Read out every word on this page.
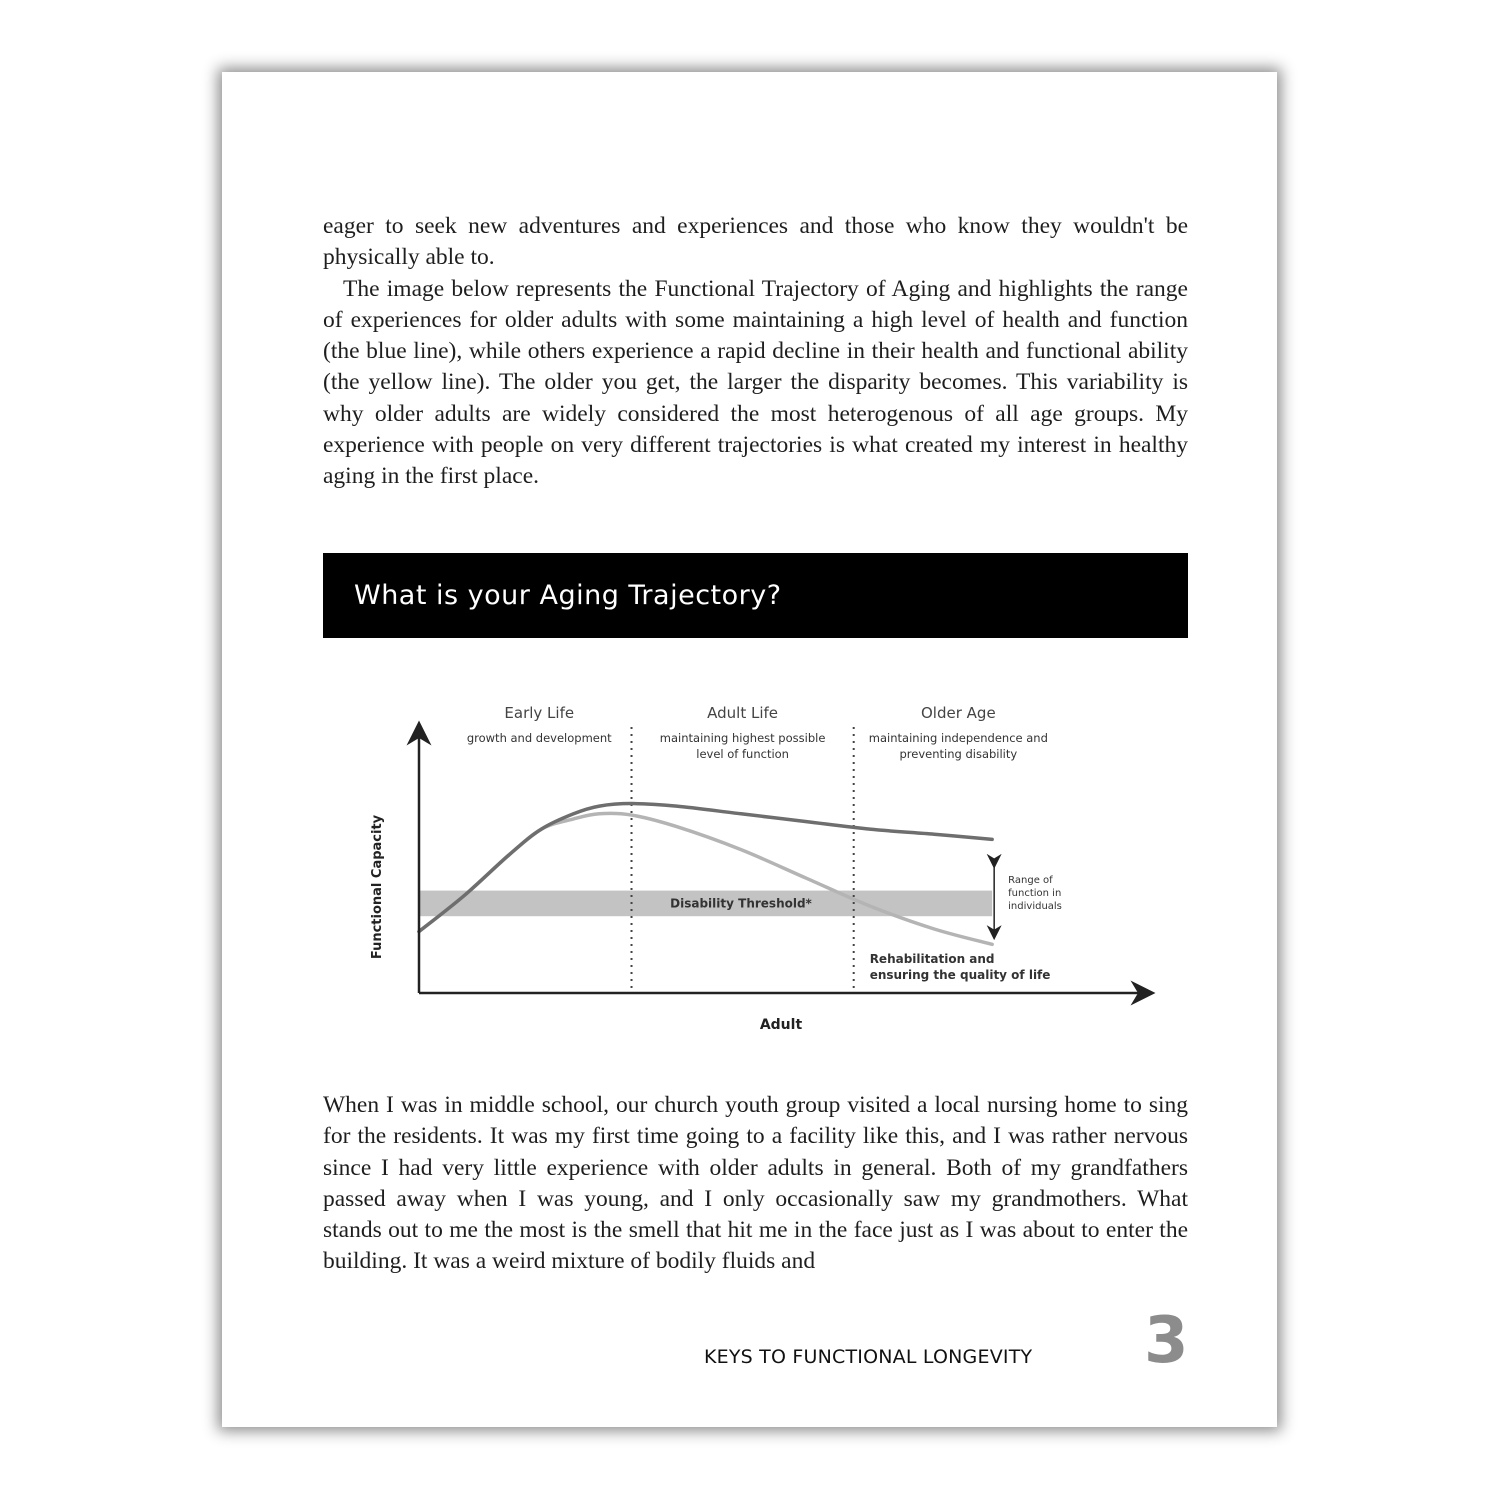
eager to seek new adventures and experiences and those who know they wouldn't be physically able to.

The image below represents the Functional Trajectory of Aging and highlights the range of experiences for older adults with some maintaining a high level of health and function (the blue line), while others experience a rapid decline in their health and functional ability (the yellow line). The older you get, the larger the disparity becomes. This variability is why older adults are widely considered the most heterogenous of all age groups. My experience with people on very different trajectories is what created my interest in healthy aging in the first place.

What is your Aging Trajectory?
Disability Threshold*
Early Life
growth and development
Adult Life
maintaining highest possible
level of function
Older Age
maintaining independence and
preventing disability
Functional Capacity
Adult
Range of
function in
individuals
Rehabilitation and
ensuring the quality of life

When I was in middle school, our church youth group visited a local nursing home to sing for the residents. It was my first time going to a facility like this, and I was rather nervous since I had very little experience with older adults in general. Both of my grandfathers passed away when I was young, and I only occasionally saw my grandmothers. What stands out to me the most is the smell that hit me in the face just as I was about to enter the building. It was a weird mixture of bodily fluids and

KEYS TO FUNCTIONAL LONGEVITY 3
